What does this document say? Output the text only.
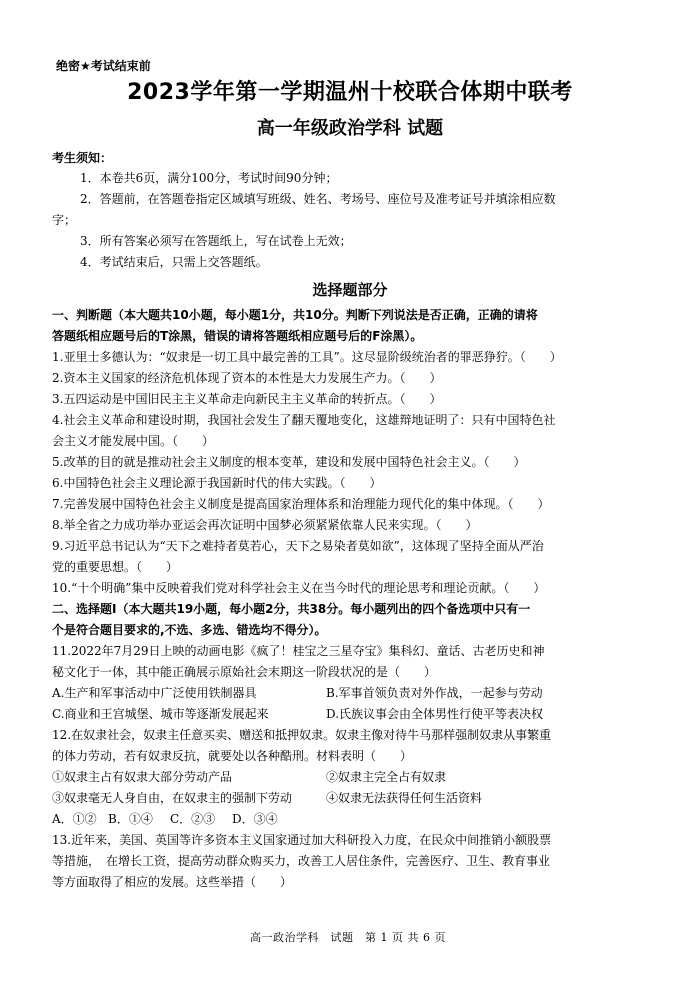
绝密★考试结束前
2023学年第一学期温州十校联合体期中联考
高一年级政治学科 试题
考生须知：
1．本卷共6页，满分100分，考试时间90分钟；
2．答题前，在答题卷指定区域填写班级、姓名、考场号、座位号及准考证号并填涂相应数
字；
3．所有答案必须写在答题纸上，写在试卷上无效；
4．考试结束后，只需上交答题纸。
选择题部分
一、判断题（本大题共10小题，每小题1分，共10分。判断下列说法是否正确，正确的请将
答题纸相应题号后的T涂黑，错误的请将答题纸相应题号后的F涂黑）。
1.亚里士多德认为：“奴隶是一切工具中最完善的工具”。这尽显阶级统治者的罪恶狰狞。（　　）
2.资本主义国家的经济危机体现了资本的本性是大力发展生产力。（　　）
3.五四运动是中国旧民主主义革命走向新民主主义革命的转折点。（　　）
4.社会主义革命和建设时期，我国社会发生了翻天覆地变化，这雄辩地证明了：只有中国特色社
会主义才能发展中国。（　　）
5.改革的目的就是推动社会主义制度的根本变革，建设和发展中国特色社会主义。（　　）
6.中国特色社会主义理论源于我国新时代的伟大实践。（　　）
7.完善发展中国特色社会主义制度是提高国家治理体系和治理能力现代化的集中体现。（　　）
8.举全省之力成功举办亚运会再次证明中国梦必须紧紧依靠人民来实现。（　　）
9.习近平总书记认为“天下之难持者莫若心，天下之易染者莫如欲”，这体现了坚持全面从严治
党的重要思想。（　　）
10.“十个明确”集中反映着我们党对科学社会主义在当今时代的理论思考和理论贡献。（　　）
二、选择题Ⅰ（本大题共19小题，每小题2分，共38分。每小题列出的四个备选项中只有一
个是符合题目要求的,不选、多选、错选均不得分）。
11.2022年7月29日上映的动画电影《疯了！桂宝之三星夺宝》集科幻、童话、古老历史和神
秘文化于一体，其中能正确展示原始社会末期这一阶段状况的是（　　）
A.生产和军事活动中广泛使用铁制器具	B.军事首领负责对外作战，一起参与劳动
C.商业和王宫城堡、城市等逐渐发展起来	D.氏族议事会由全体男性行使平等表决权
12.在奴隶社会，奴隶主任意买卖、赠送和抵押奴隶。奴隶主像对待牛马那样强制奴隶从事繁重
的体力劳动，若有奴隶反抗，就要处以各种酷刑。材料表明（　　）
①奴隶主占有奴隶大部分劳动产品	②奴隶主完全占有奴隶
③奴隶毫无人身自由，在奴隶主的强制下劳动	④奴隶无法获得任何生活资料
A．①② B．①④ C．②③ D．③④
13.近年来，美国、英国等许多资本主义国家通过加大科研投入力度，在民众中间推销小额股票
等措施，　在增长工资，提高劳动群众购买力，改善工人居住条件，完善医疗、卫生、教育事业
等方面取得了相应的发展。这些举措（　　）
高一政治学科　试题　第 1 页 共 6 页
